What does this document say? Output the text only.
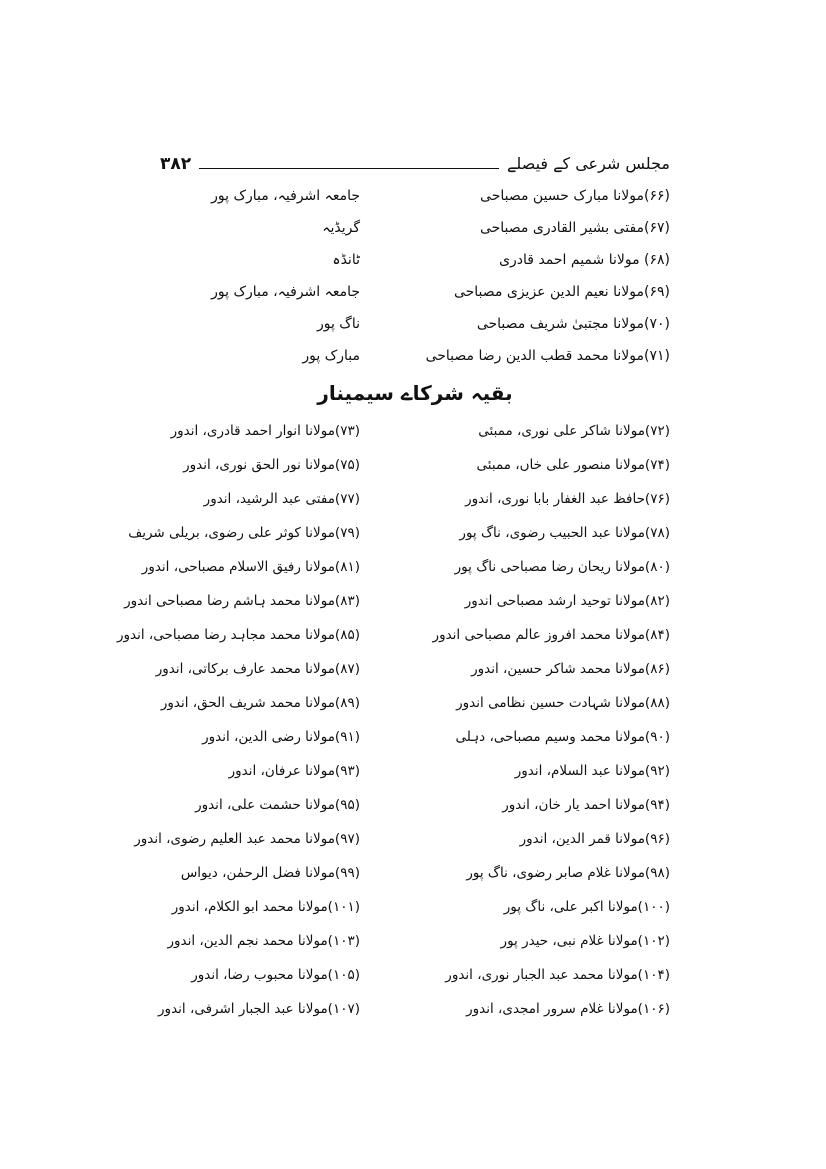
مجلس شرعی کے فیصلے
۳۸۲
(۶۶)مولانا مبارک حسین مصباحی
جامعہ اشرفیہ، مبارک پور
(۶۷)مفتی بشیر القادری مصباحی
گریڈیہ
(۶۸) مولانا شمیم احمد قادری
ٹانڈہ
(۶۹)مولانا نعیم الدین عزیزی مصباحی
جامعہ اشرفیہ، مبارک پور
(۷۰)مولانا مجتبیٰ شریف مصباحی
ناگ پور
(۷۱)مولانا محمد قطب الدین رضا مصباحی
مبارک پور
بقیہ شرکاے سیمینار
(۷۲)مولانا شاکر علی نوری، ممبئی
(۷۳)مولانا انوار احمد قادری، اندور
(۷۴)مولانا منصور علی خاں، ممبئی
(۷۵)مولانا نور الحق نوری، اندور
(۷۶)حافظ عبد الغفار بابا نوری، اندور
(۷۷)مفتی عبد الرشید، اندور
(۷۸)مولانا عبد الحبیب رضوی، ناگ پور
(۷۹)مولانا کوثر علی رضوی، بریلی شریف
(۸۰)مولانا ریحان رضا مصباحی ناگ پور
(۸۱)مولانا رفیق الاسلام مصباحی، اندور
(۸۲)مولانا توحید ارشد مصباحی اندور
(۸۳)مولانا محمد ہاشم رضا مصباحی اندور
(۸۴)مولانا محمد افروز عالم مصباحی اندور
(۸۵)مولانا محمد مجاہد رضا مصباحی، اندور
(۸۶)مولانا محمد شاکر حسین، اندور
(۸۷)مولانا محمد عارف برکاتی، اندور
(۸۸)مولانا شہادت حسین نظامی اندور
(۸۹)مولانا محمد شریف الحق، اندور
(۹۰)مولانا محمد وسیم مصباحی، دہلی
(۹۱)مولانا رضی الدین، اندور
(۹۲)مولانا عبد السلام، اندور
(۹۳)مولانا عرفان، اندور
(۹۴)مولانا احمد یار خان، اندور
(۹۵)مولانا حشمت علی، اندور
(۹۶)مولانا قمر الدین، اندور
(۹۷)مولانا محمد عبد العلیم رضوی، اندور
(۹۸)مولانا غلام صابر رضوی، ناگ پور
(۹۹)مولانا فضل الرحمٰن، دیواس
(۱۰۰)مولانا اکبر علی، ناگ پور
(۱۰۱)مولانا محمد ابو الکلام، اندور
(۱۰۲)مولانا غلام نبی، حیدر پور
(۱۰۳)مولانا محمد نجم الدین، اندور
(۱۰۴)مولانا محمد عبد الجبار نوری، اندور
(۱۰۵)مولانا محبوب رضا، اندور
(۱۰۶)مولانا غلام سرور امجدی، اندور
(۱۰۷)مولانا عبد الجبار اشرفی، اندور
